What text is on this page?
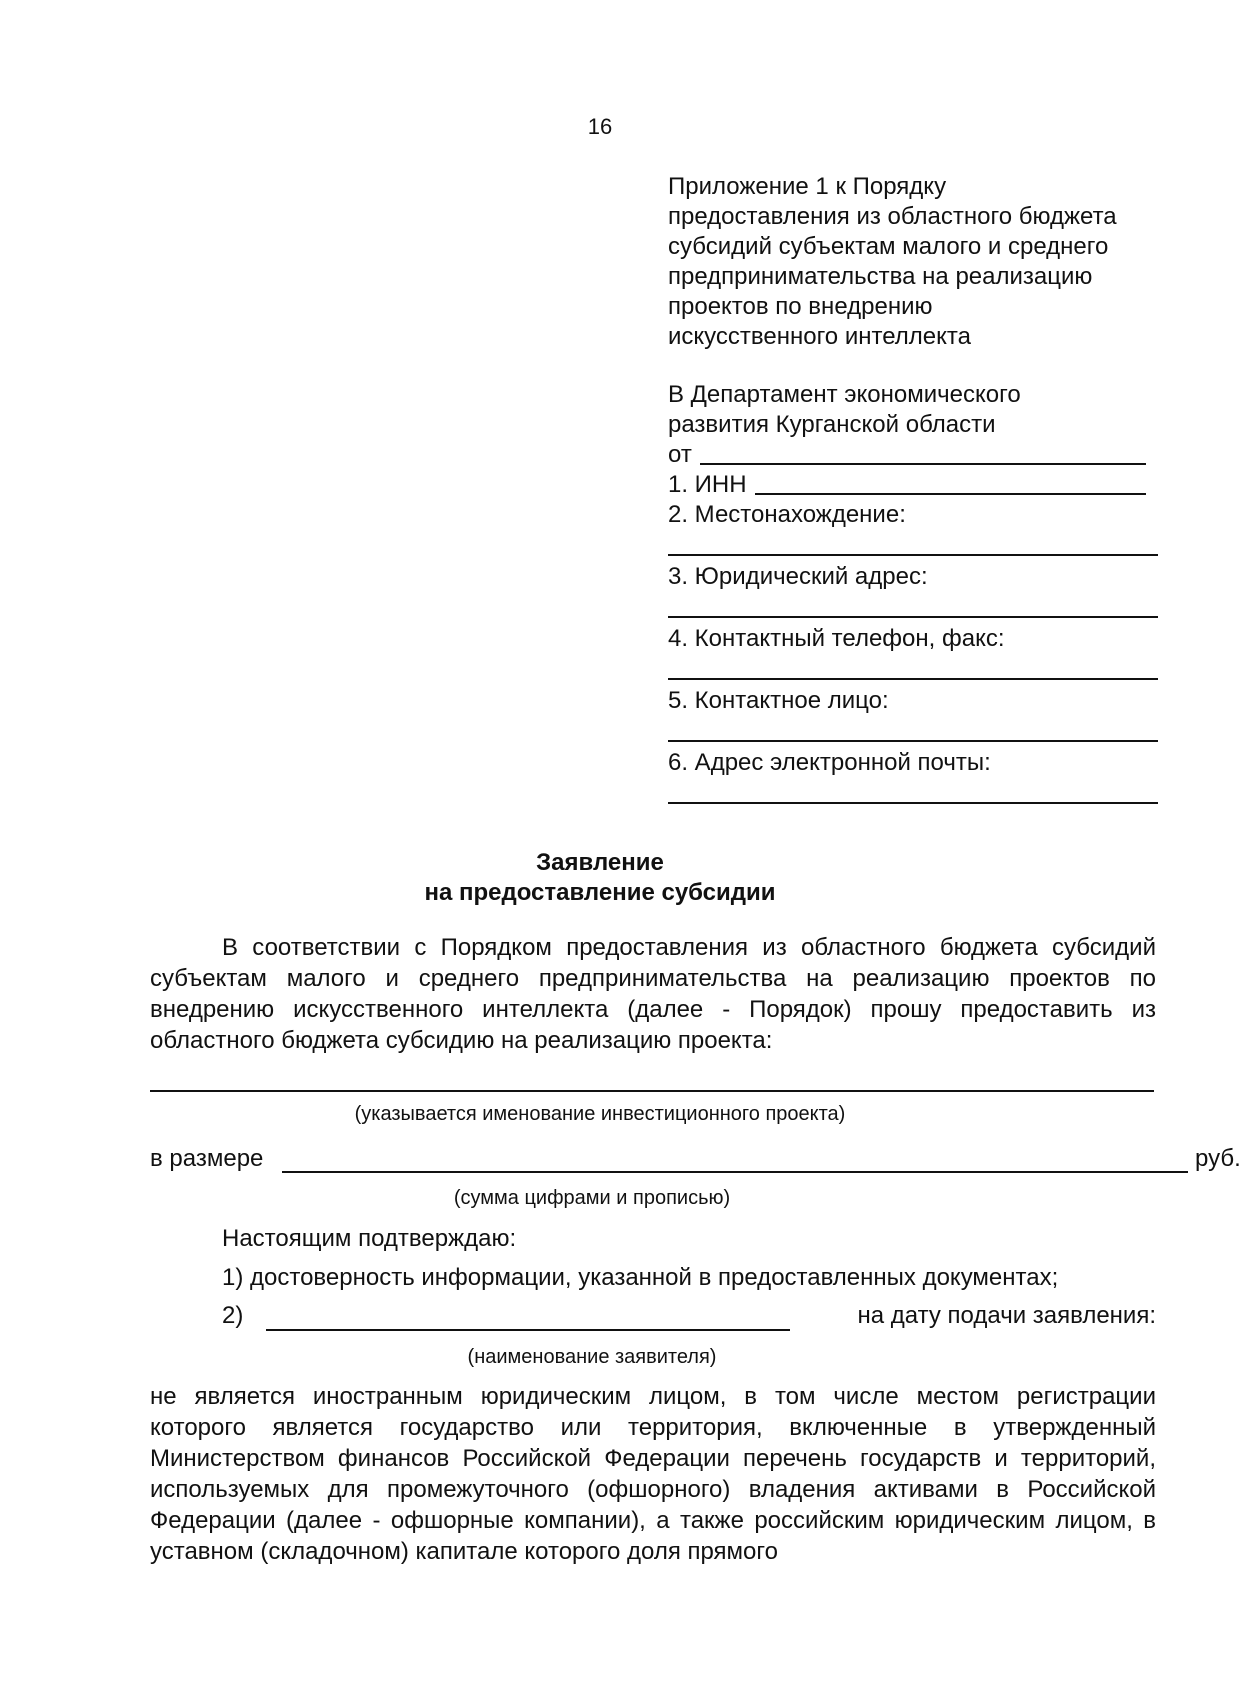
16
Приложение 1 к Порядку
предоставления из областного бюджета
субсидий субъектам малого и среднего
предпринимательства на реализацию
проектов по внедрению
искусственного интеллекта
В Департамент экономического
развития Курганской области
от
1. ИНН
2. Местонахождение:
3. Юридический адрес:
4. Контактный телефон, факс:
5. Контактное лицо:
6. Адрес электронной почты:
Заявление
на предоставление субсидии
В соответствии с Порядком предоставления из областного бюджета субсидий субъектам малого и среднего предпринимательства на реализацию проектов по внедрению искусственного интеллекта (далее - Порядок) прошу предоставить из областного бюджета субсидию на реализацию проекта:
(указывается именование инвестиционного проекта)
в размере	руб.
(сумма цифрами и прописью)
Настоящим подтверждаю:
1) достоверность информации, указанной в предоставленных документах;
2)	на дату подачи заявления:
(наименование заявителя)
не является иностранным юридическим лицом, в том числе местом регистрации которого является государство или территория, включенные в утвержденный Министерством финансов Российской Федерации перечень государств и территорий, используемых для промежуточного (офшорного) владения активами в Российской Федерации (далее - офшорные компании), а также российским юридическим лицом, в уставном (складочном) капитале которого доля прямого
